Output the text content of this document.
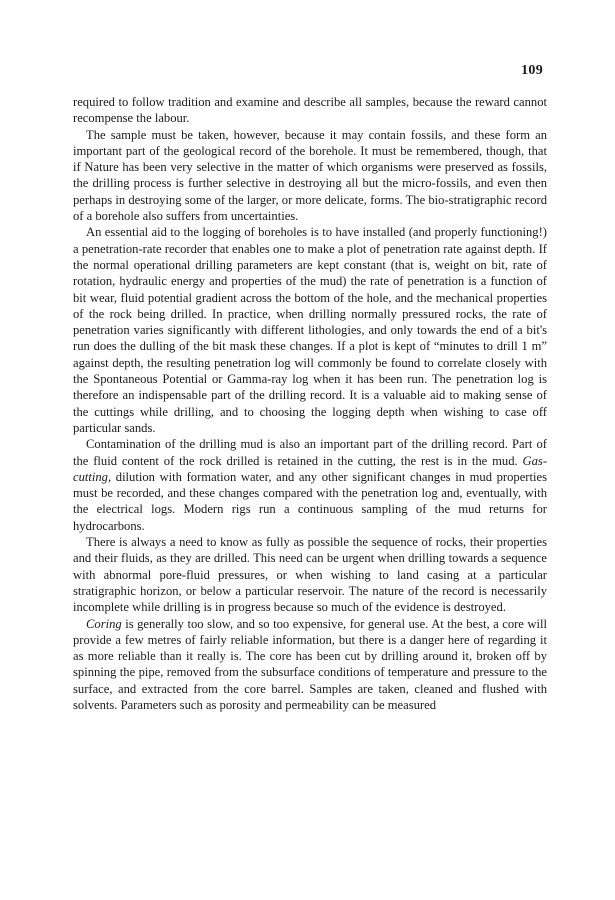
109

required to follow tradition and examine and describe all samples, because the reward cannot recompense the labour.

The sample must be taken, however, because it may contain fossils, and these form an important part of the geological record of the borehole. It must be remembered, though, that if Nature has been very selective in the matter of which organisms were preserved as fossils, the drilling process is further selective in destroying all but the micro-fossils, and even then perhaps in destroying some of the larger, or more delicate, forms. The bio-stratigraphic record of a borehole also suffers from uncertainties.

An essential aid to the logging of boreholes is to have installed (and properly functioning!) a penetration-rate recorder that enables one to make a plot of penetration rate against depth. If the normal operational drilling parameters are kept constant (that is, weight on bit, rate of rotation, hydraulic energy and properties of the mud) the rate of penetration is a function of bit wear, fluid potential gradient across the bottom of the hole, and the mechanical properties of the rock being drilled. In practice, when drilling normally pressured rocks, the rate of penetration varies significantly with different lithologies, and only towards the end of a bit's run does the dulling of the bit mask these changes. If a plot is kept of “minutes to drill 1 m” against depth, the resulting penetration log will commonly be found to correlate closely with the Spontaneous Potential or Gamma-ray log when it has been run. The penetration log is therefore an indispensable part of the drilling record. It is a valuable aid to making sense of the cuttings while drilling, and to choosing the logging depth when wishing to case off particular sands.

Contamination of the drilling mud is also an important part of the drilling record. Part of the fluid content of the rock drilled is retained in the cutting, the rest is in the mud. Gas-cutting, dilution with formation water, and any other significant changes in mud properties must be recorded, and these changes compared with the penetration log and, eventually, with the electrical logs. Modern rigs run a continuous sampling of the mud returns for hydrocarbons.

There is always a need to know as fully as possible the sequence of rocks, their properties and their fluids, as they are drilled. This need can be urgent when drilling towards a sequence with abnormal pore-fluid pressures, or when wishing to land casing at a particular stratigraphic horizon, or below a particular reservoir. The nature of the record is necessarily incomplete while drilling is in progress because so much of the evidence is destroyed.

Coring is generally too slow, and so too expensive, for general use. At the best, a core will provide a few metres of fairly reliable information, but there is a danger here of regarding it as more reliable than it really is. The core has been cut by drilling around it, broken off by spinning the pipe, removed from the subsurface conditions of temperature and pressure to the surface, and extracted from the core barrel. Samples are taken, cleaned and flushed with solvents. Parameters such as porosity and permeability can be measured
